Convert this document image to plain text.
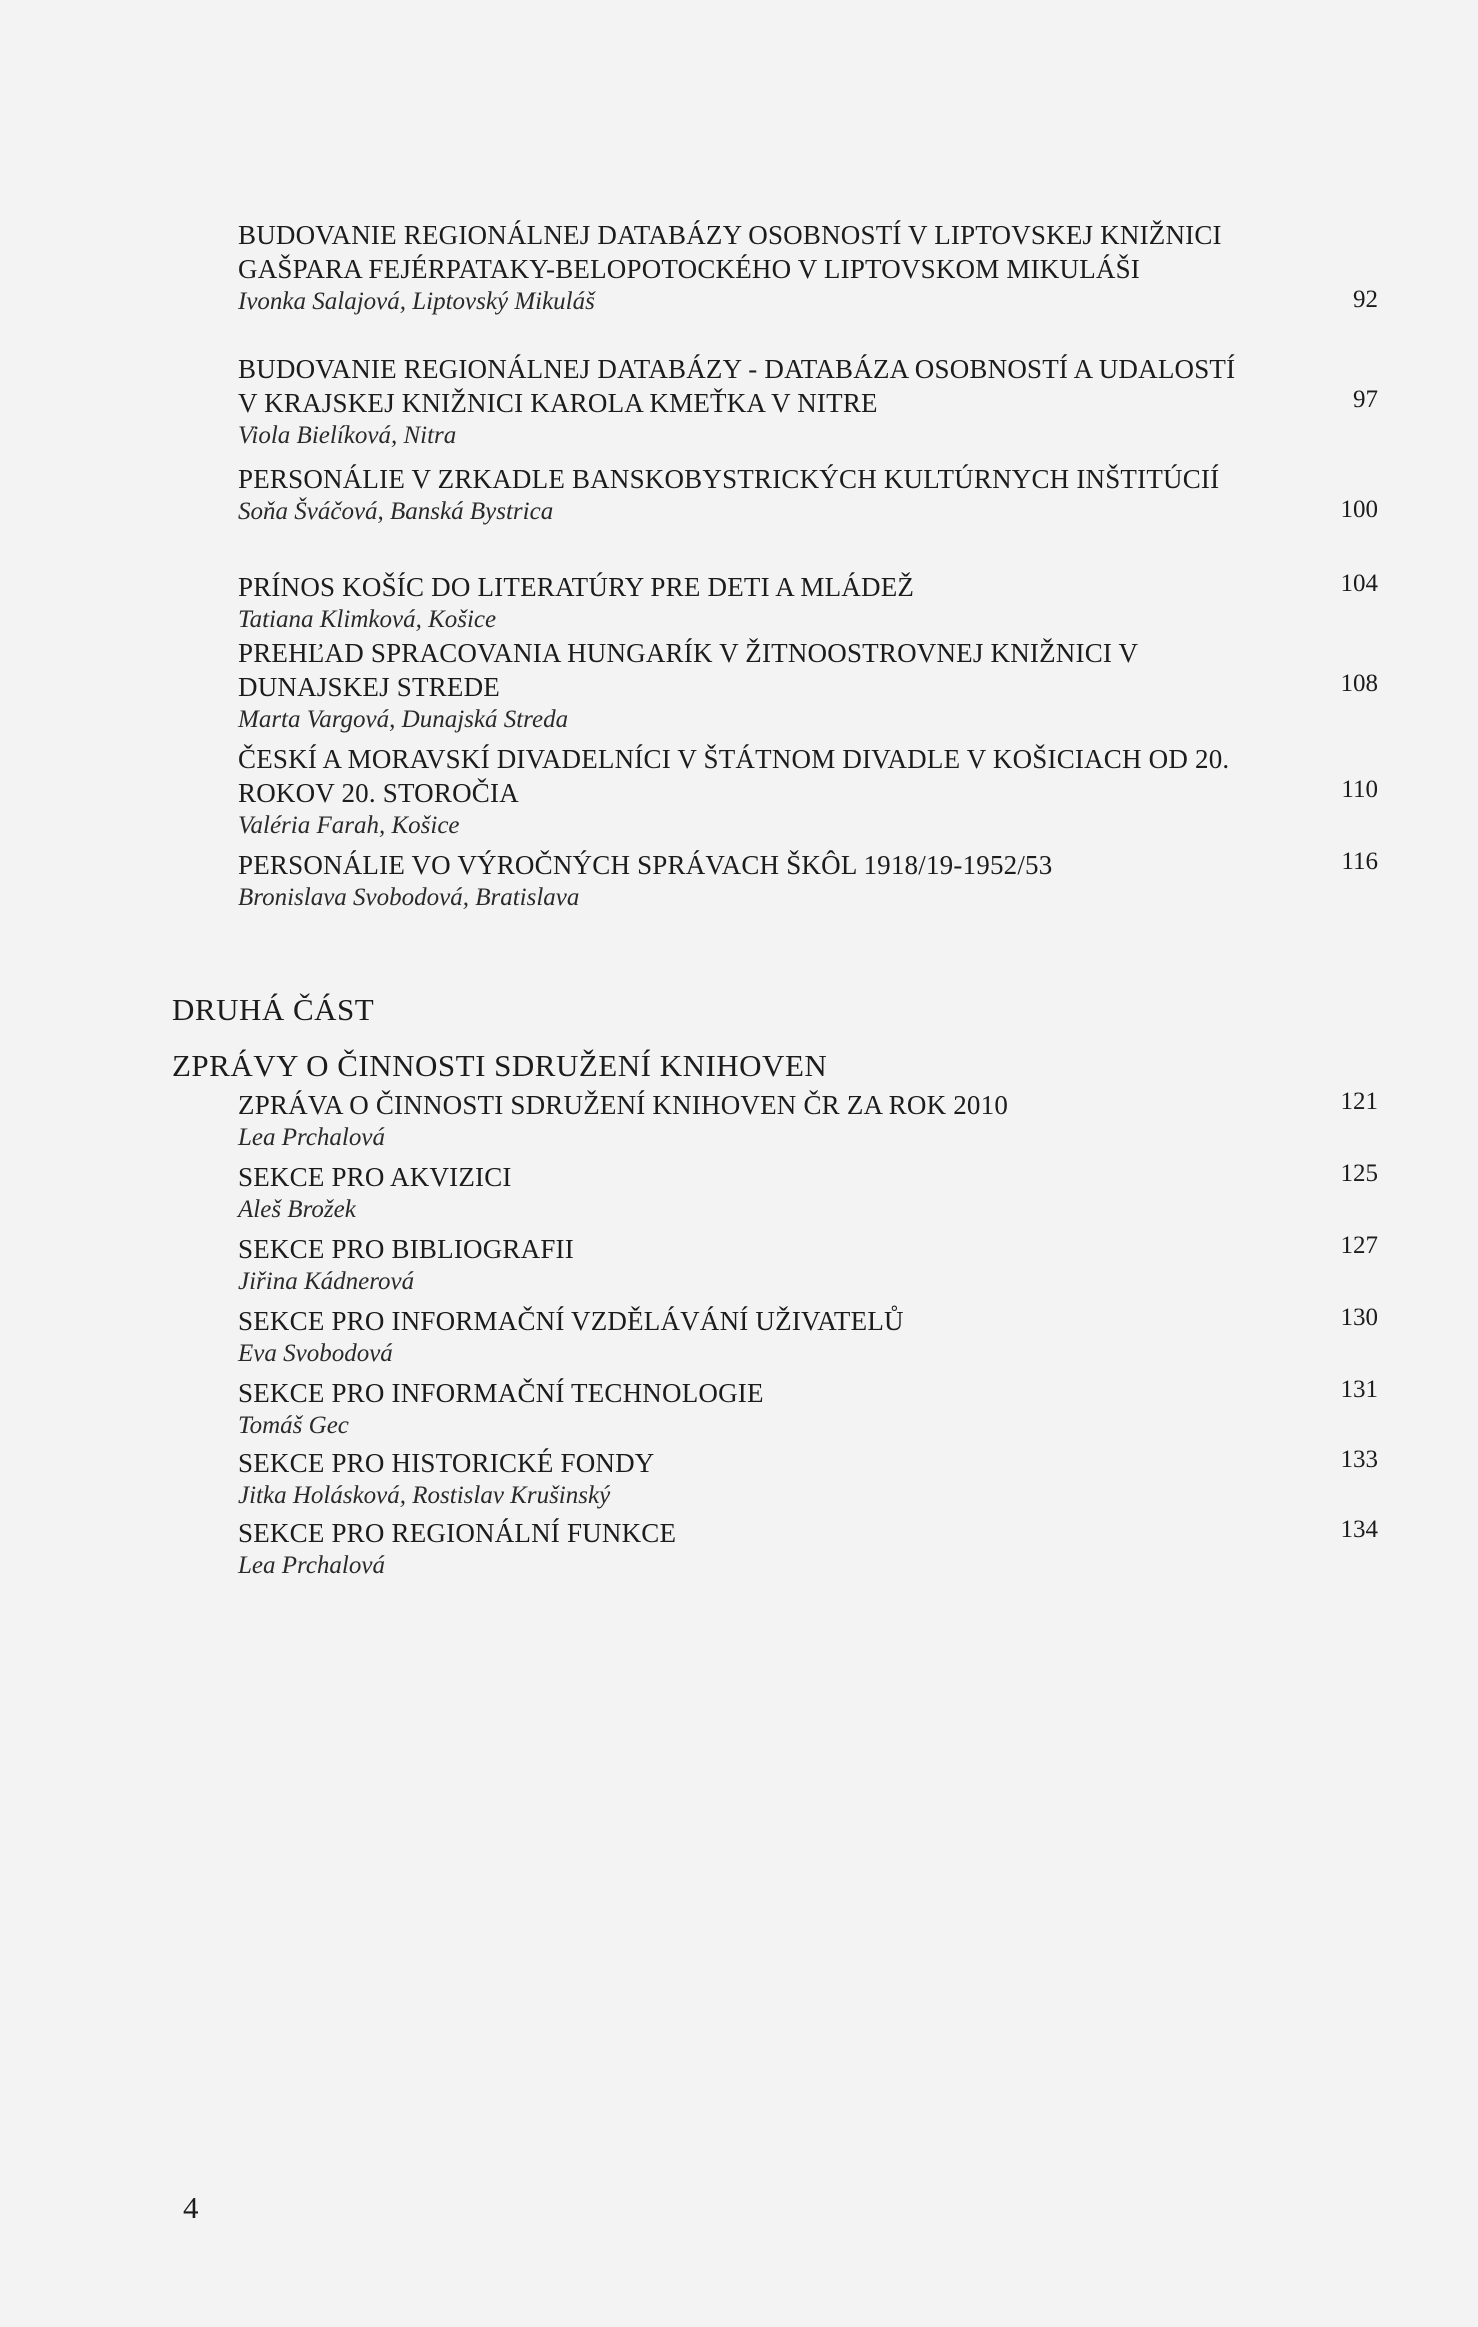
BUDOVANIE REGIONÁLNEJ DATABÁZY OSOBNOSTÍ V LIPTOVSKEJ KNIŽNICI GAŠPARA FEJÉRPATAKY-BELOPOTOCKÉHO V LIPTOVSKOM MIKULÁŠI
Ivonka Salajová, Liptovský Mikuláš	92
BUDOVANIE REGIONÁLNEJ DATABÁZY - DATABÁZA OSOBNOSTÍ A UDALOSTÍ V KRAJSKEJ KNIŽNICI KAROLA KMEŤKA V NITRE
Viola Bielíková, Nitra
97
PERSONÁLIE V ZRKADLE BANSKOBYSTRICKÝCH KULTÚRNYCH INŠTITÚCIÍ
Soňa Šváčová, Banská Bystrica	100
PRÍNOS KOŠÍC DO LITERATÚRY PRE DETI A MLÁDEŽ
Tatiana Klimková, Košice
104
PREHĽAD SPRACOVANIA HUNGARÍK V ŽITNOOSTROVNEJ KNIŽNICI V DUNAJSKEJ STREDE
Marta Vargová, Dunajská Streda
108
ČESKÍ A MORAVSKÍ DIVADELNÍCI V ŠTÁTNOM DIVADLE V KOŠICIACH OD 20. ROKOV 20. STOROČIA
Valéria Farah, Košice
110
PERSONÁLIE VO VÝROČNÝCH SPRÁVACH ŠKÔL 1918/19-1952/53
Bronislava Svobodová, Bratislava
116
DRUHÁ ČÁST
ZPRÁVY O ČINNOSTI SDRUŽENÍ KNIHOVEN
ZPRÁVA O ČINNOSTI SDRUŽENÍ KNIHOVEN ČR ZA ROK 2010
Lea Prchalová
121
SEKCE PRO AKVIZICI
Aleš Brožek
125
SEKCE PRO BIBLIOGRAFII
Jiřina Kádnerová
127
SEKCE PRO INFORMAČNÍ VZDĚLÁVÁNÍ UŽIVATELŮ
Eva Svobodová
130
SEKCE PRO INFORMAČNÍ TECHNOLOGIE
Tomáš Gec
131
SEKCE PRO HISTORICKÉ FONDY
Jitka Holásková, Rostislav Krušinský
133
SEKCE PRO REGIONÁLNÍ FUNKCE
Lea Prchalová
134
4
